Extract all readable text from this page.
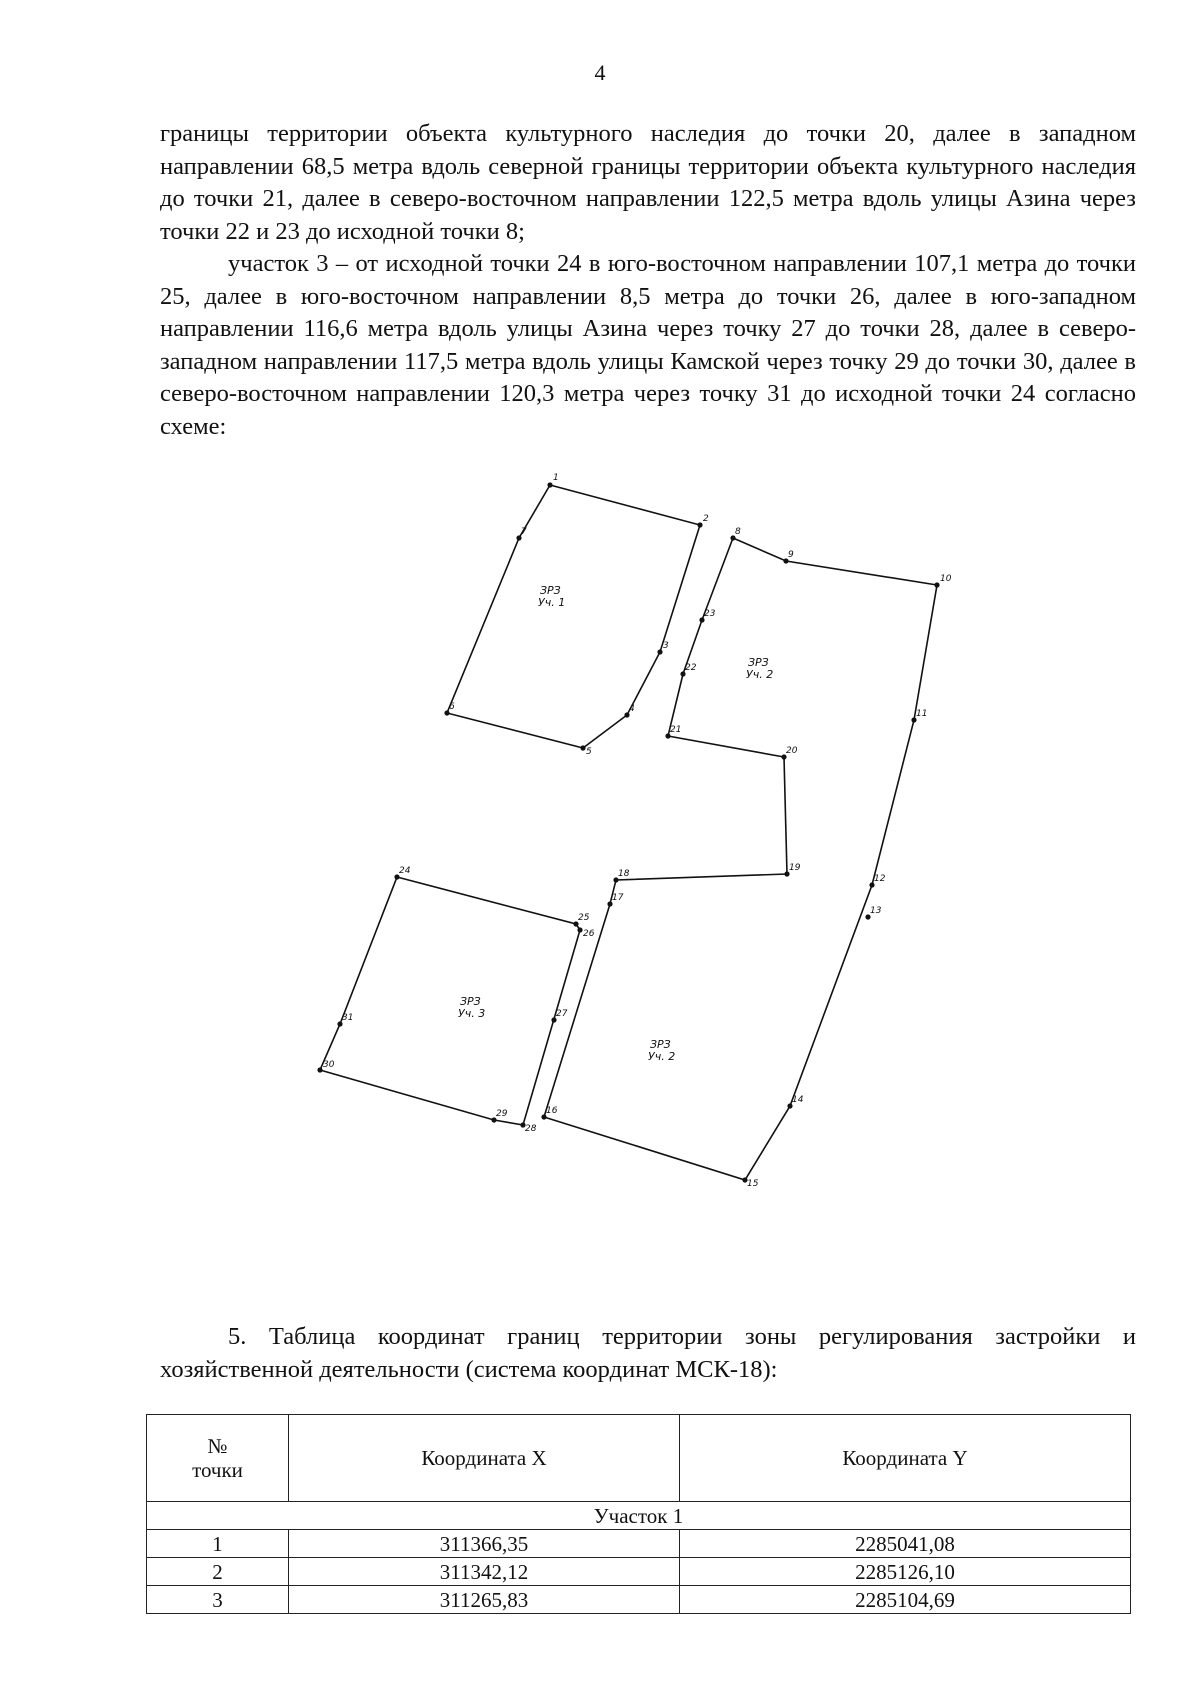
4

границы территории объекта культурного наследия до точки 20, далее в западном направлении 68,5 метра вдоль северной границы территории объекта культурного наследия до точки 21, далее в северо-восточном направлении 122,5 метра вдоль улицы Азина через точки 22 и 23 до исходной точки 8;

участок 3 – от исходной точки 24 в юго-восточном направлении 107,1 метра до точки 25, далее в юго-восточном направлении 8,5 метра до точки 26, далее в юго-западном направлении 116,6 метра вдоль улицы Азина через точку 27 до точки 28, далее в северо-западном направлении 117,5 метра вдоль улицы Камской через точку 29 до точки 30, далее в северо-восточном направлении 120,3 метра через точку 31 до исходной точки 24 согласно схеме:

1
2
3
4
5
6
7	8
9
10
11
12
13
14
15
16
17
18
19
20
21
22
23
24
25
26
27
28
29
30
31
ЗРЗ
Уч. 1
ЗРЗ
Уч. 2
ЗРЗ
Уч. 3
ЗРЗ
Уч. 2

5. Таблица координат границ территории зоны регулирования застройки и хозяйственной деятельности (система координат МСК-18):

№
точки	Координата X	Координата Y
Участок 1		
1	311366,35	2285041,08
2	311342,12	2285126,10
3	311265,83	2285104,69
